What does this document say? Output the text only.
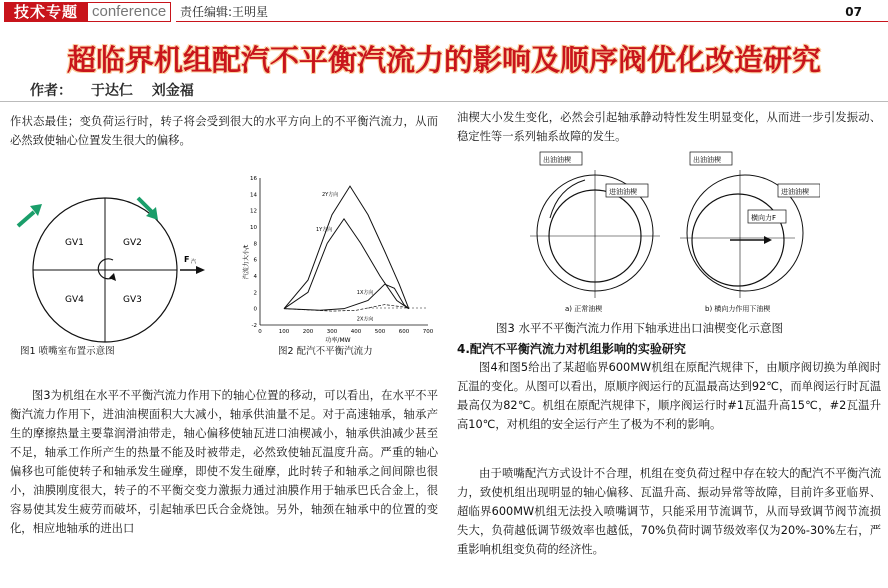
技术专题 conference	责任编辑:王明星	07
超临界机组配汽不平衡汽流力的影响及顺序阀优化改造研究
作者： 于达仁 刘金福
作状态最佳；变负荷运行时，转子将会受到很大的水平方向上的不平衡汽流力，从而必然致使轴心位置发生很大的偏移。
GV1	GV2
GV4	GV3
F 汽
图1 喷嘴室布置示意图
0	100 200 300 400 500 600 700
-2
0
2
4
6
8
10
12
14
16
2Y方向
1Y方向
1X方向
2X方向
汽流力大小/t
功率/MW
图2 配汽不平衡汽流力
图3为机组在水平不平衡汽流力作用下的轴心位置的移动，可以看出，在水平不平衡汽流力作用下，进油油楔面积大大减小，轴承供油量不足。对于高速轴承，轴承产生的摩擦热量主要靠润滑油带走，轴心偏移使轴瓦进口油楔减小，轴承供油减少甚至不足，轴承工作所产生的热量不能及时被带走，必然致使轴瓦温度升高。严重的轴心偏移也可能使转子和轴承发生碰摩，即使不发生碰摩，此时转子和轴承之间间隙也很小，油膜刚度很大，转子的不平衡交变力激振力通过油膜作用于轴承巴氏合金上，很容易使其发生疲劳而破坏，引起轴承巴氏合金烧蚀。另外，轴颈在轴承中的位置的变化，相应地轴承的进出口
油楔大小发生变化，必然会引起轴承静动特性发生明显变化，从而进一步引发振动、稳定性等一系列轴系故障的发生。
出油油楔
进油油楔
a) 正常油楔
出油油楔
进油油楔
横向力F
b) 横向力作用下油楔
图3 水平不平衡汽流力作用下轴承进出口油楔变化示意图
4.配汽不平衡汽流力对机组影响的实验研究
图4和图5给出了某超临界600MW机组在原配汽规律下，由顺序阀切换为单阀时瓦温的变化。从图可以看出，原顺序阀运行的瓦温最高达到92℃，而单阀运行时瓦温最高仅为82℃。机组在原配汽规律下，顺序阀运行时#1瓦温升高15℃，#2瓦温升高10℃，对机组的安全运行产生了极为不利的影响。
由于喷嘴配汽方式设计不合理，机组在变负荷过程中存在较大的配汽不平衡汽流力，致使机组出现明显的轴心偏移、瓦温升高、振动异常等故障，目前许多亚临界、超临界600MW机组无法投入喷嘴调节，只能采用节流调节，从而导致调节阀节流损失大，负荷越低调节级效率也越低，70%负荷时调节级效率仅为20%-30%左右，严重影响机组变负荷的经济性。
